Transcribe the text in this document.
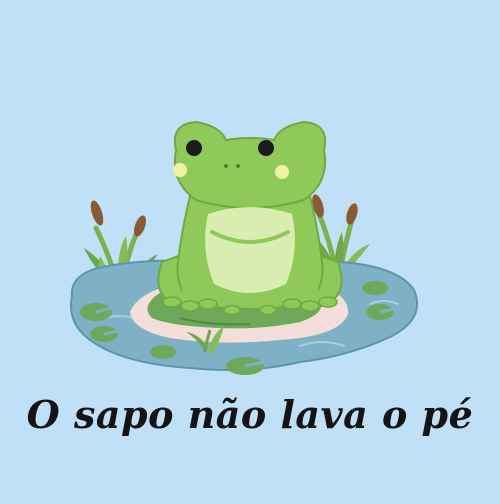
O sapo não lava o pé
